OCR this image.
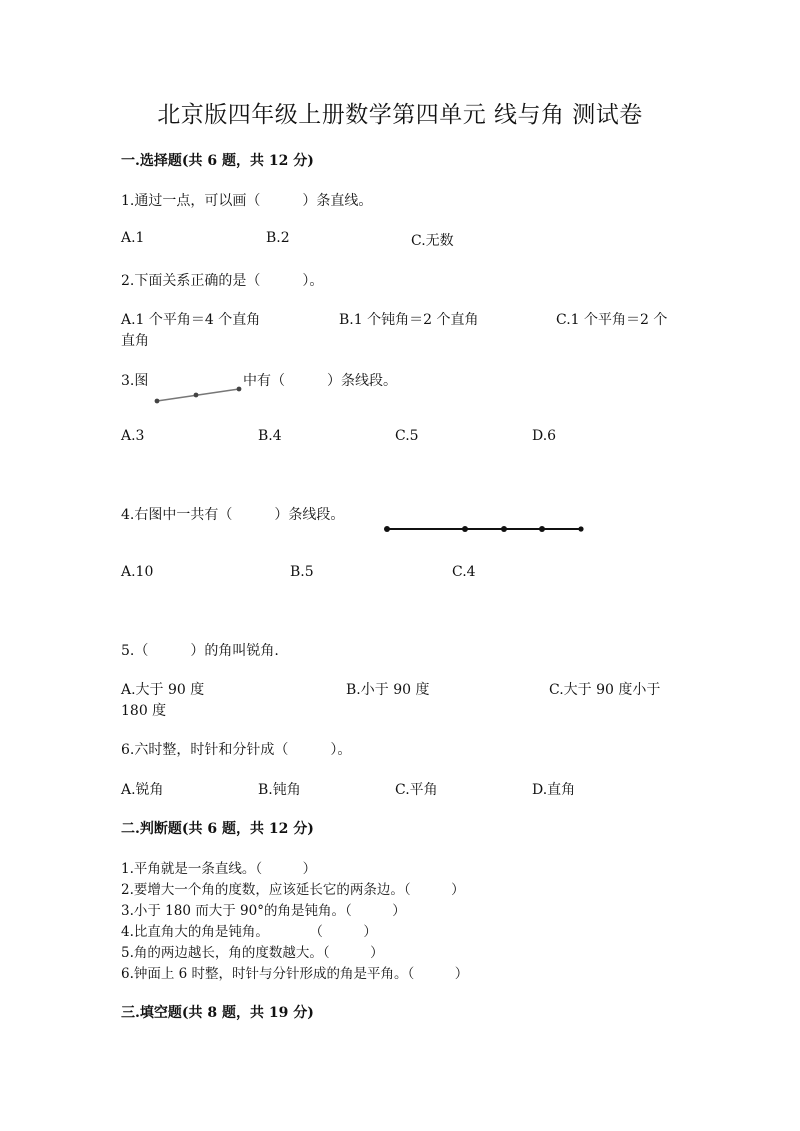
北京版四年级上册数学第四单元 线与角 测试卷
一.选择题(共 6 题，共 12 分)
1.通过一点，可以画（　　　）条直线。
A.1	B.2	C.无数
2.下面关系正确的是（　　　）。
A.1 个平角＝4 个直角	B.1 个钝角＝2 个直角	C.1 个平角＝2 个
直角
3.图	中有（　　　）条线段。
A.3	B.4	C.5	D.6
4.右图中一共有（　　　）条线段。
A.10	B.5	C.4
5.（　　　）的角叫锐角.
A.大于 90 度	B.小于 90 度	C.大于 90 度小于
180 度
6.六时整，时针和分针成（　　　）。
A.锐角	B.钝角	C.平角	D.直角
二.判断题(共 6 题，共 12 分)
1.平角就是一条直线。（　　　）
2.要增大一个角的度数，应该延长它的两条边。（　　　）
3.小于 180 而大于 90°的角是钝角。（　　　）
4.比直角大的角是钝角。　　　　（　　　）
5.角的两边越长，角的度数越大。（　　　）
6.钟面上 6 时整，时针与分针形成的角是平角。（　　　）
三.填空题(共 8 题，共 19 分)
